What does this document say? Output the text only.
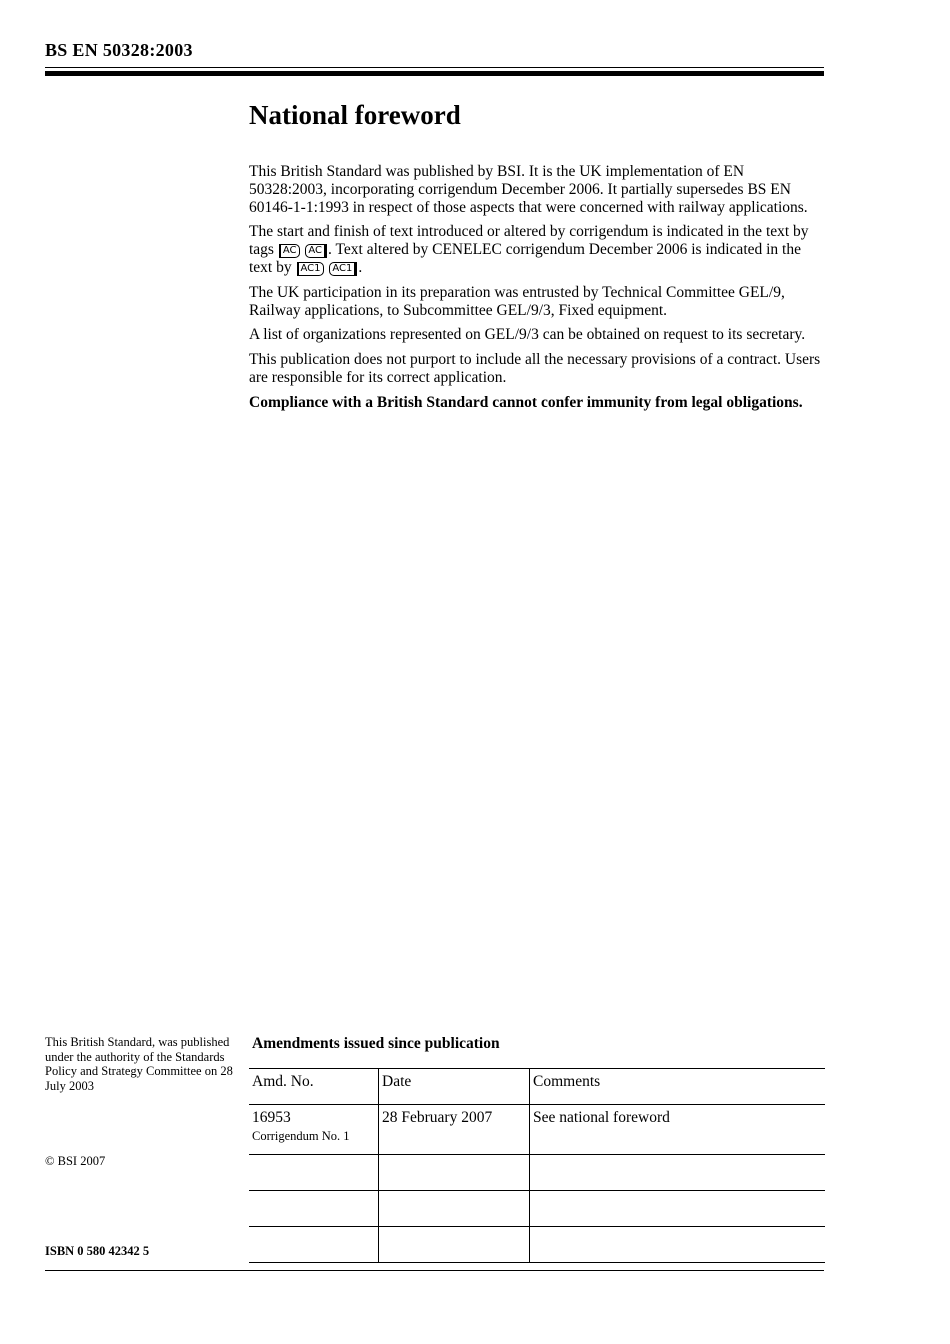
BS EN 50328:2003
National foreword

This British Standard was published by BSI. It is the UK implementation of EN 50328:2003, incorporating corrigendum December 2006. It partially supersedes BS EN 60146-1-1:1993 in respect of those aspects that were concerned with railway applications.

The start and finish of text introduced or altered by corrigendum is indicated in the text by tags AC AC . Text altered by CENELEC corrigendum December 2006 is indicated in the text by AC1 AC1 .

The UK participation in its preparation was entrusted by Technical Committee GEL/9, Railway applications, to Subcommittee GEL/9/3, Fixed equipment.

A list of organizations represented on GEL/9/3 can be obtained on request to its secretary.

This publication does not purport to include all the necessary provisions of a contract. Users are responsible for its correct application.

Compliance with a British Standard cannot confer immunity from legal obligations.

This British Standard, was published under the authority of the Standards Policy and Strategy Committee on 28 July 2003
© BSI 2007
ISBN 0 580 42342 5
Amendments issued since publication
Amd. No.	Date	Comments
16953
Corrigendum No. 1	28 February 2007	See national foreword
